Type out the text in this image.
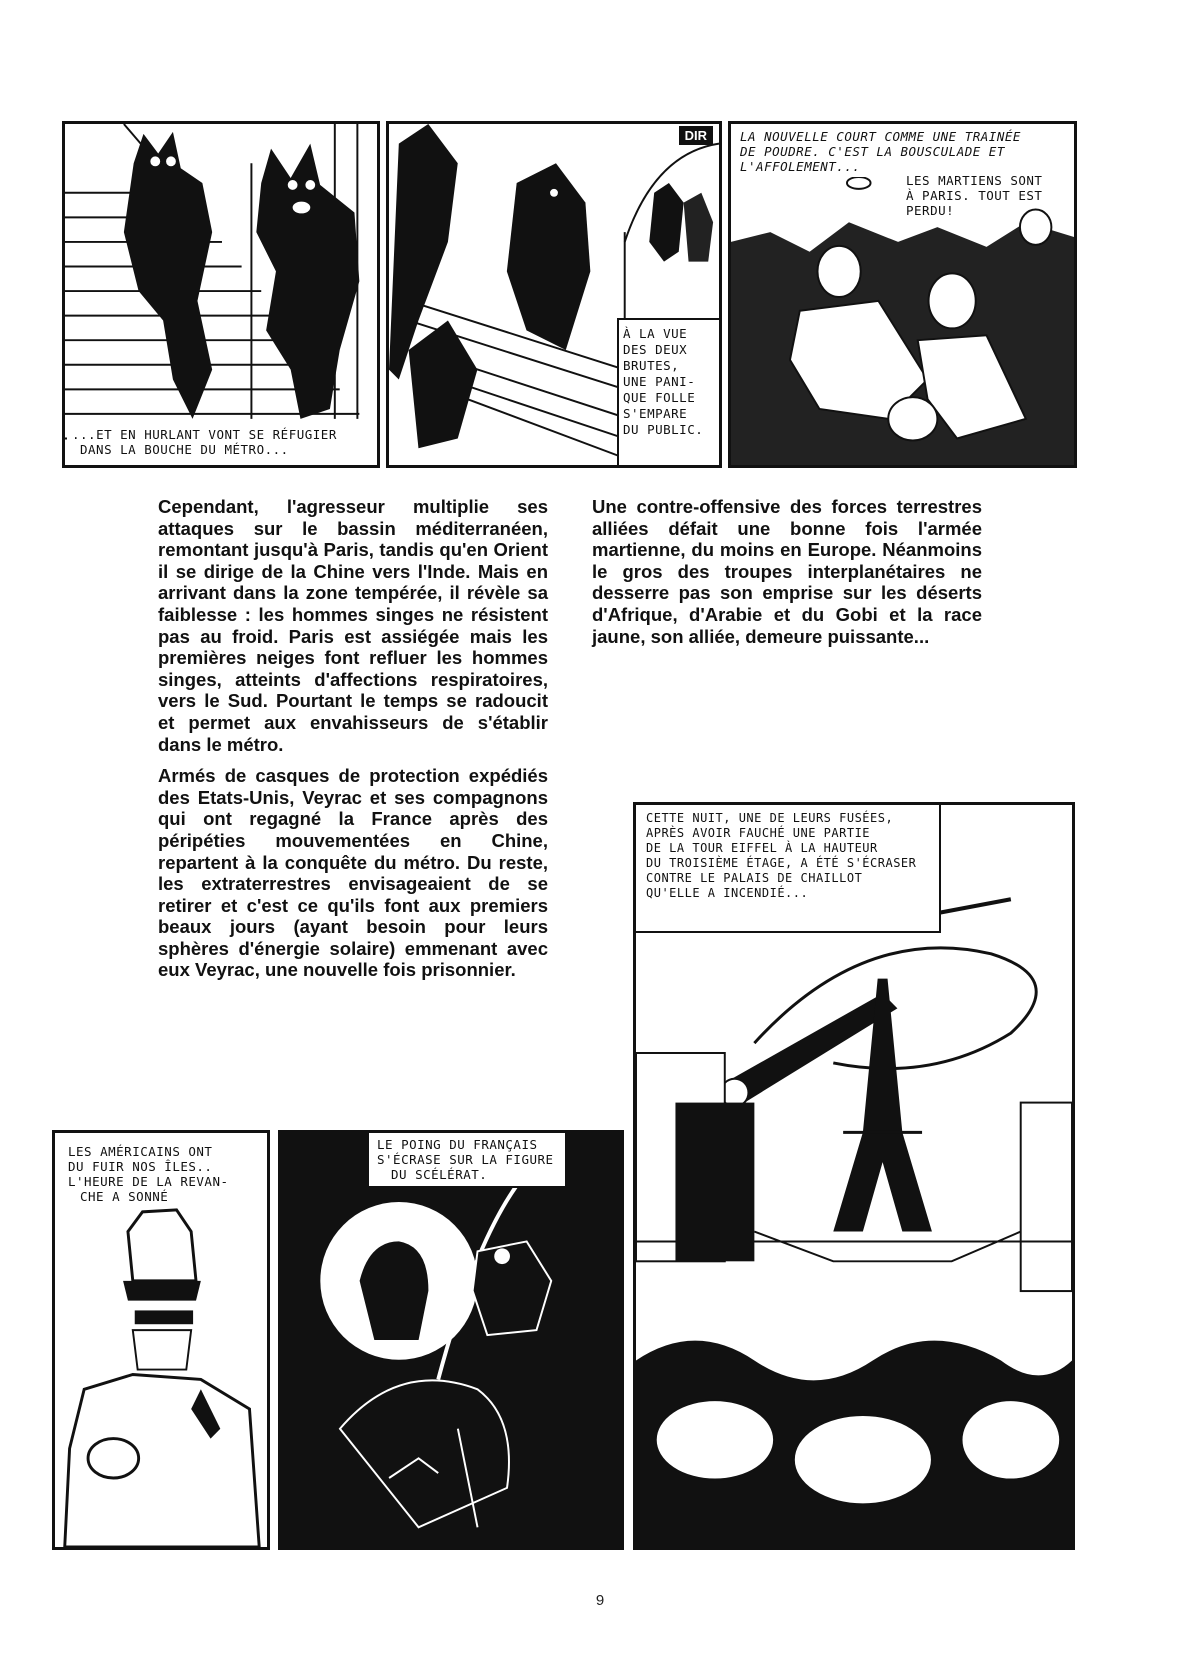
...ET EN HURLANT VONT SE RÉFUGIER
DANS LA BOUCHE DU MÉTRO...
DIR
À LA VUE
DES DEUX
BRUTES,
UNE PANI-
QUE FOLLE
S'EMPARE
DU PUBLIC.
LA NOUVELLE COURT COMME UNE TRAINÉE
DE POUDRE. C'EST LA BOUSCULADE ET
L'AFFOLEMENT...
LES MARTIENS SONT
À PARIS. TOUT EST
PERDU!

Cependant, l'agresseur multiplie ses attaques sur le bassin méditerranéen, remontant jusqu'à Paris, tandis qu'en Orient il se dirige de la Chine vers l'Inde. Mais en arrivant dans la zone tempérée, il révèle sa faiblesse : les hommes singes ne résistent pas au froid. Paris est assiégée mais les premières neiges font refluer les hommes singes, atteints d'affections respiratoires, vers le Sud. Pourtant le temps se radoucit et permet aux envahisseurs de s'établir dans le métro.

Armés de casques de protection expédiés des Etats-Unis, Veyrac et ses compagnons qui ont regagné la France après des péripéties mouvementées en Chine, repartent à la conquête du métro. Du reste, les extraterrestres envisageaient de se retirer et c'est ce qu'ils font aux premiers beaux jours (ayant besoin pour leurs sphères d'énergie solaire) emmenant avec eux Veyrac, une nouvelle fois prisonnier.

Une contre-offensive des forces terrestres alliées défait une bonne fois l'armée martienne, du moins en Europe. Néanmoins le gros des troupes interplanétaires ne desserre pas son emprise sur les déserts d'Afrique, d'Arabie et du Gobi et la race jaune, son alliée, demeure puissante...

CETTE NUIT, UNE DE LEURS FUSÉES,
APRÈS AVOIR FAUCHÉ UNE PARTIE
DE LA TOUR EIFFEL À LA HAUTEUR
DU TROISIÈME ÉTAGE, A ÉTÉ S'ÉCRASER
CONTRE LE PALAIS DE CHAILLOT
QU'ELLE A INCENDIÉ...
LES AMÉRICAINS ONT
DU FUIR NOS ÎLES..
L'HEURE DE LA REVAN-
CHE A SONNÉ
LE POING DU FRANÇAIS
S'ÉCRASE SUR LA FIGURE
DU SCÉLÉRAT.
9
